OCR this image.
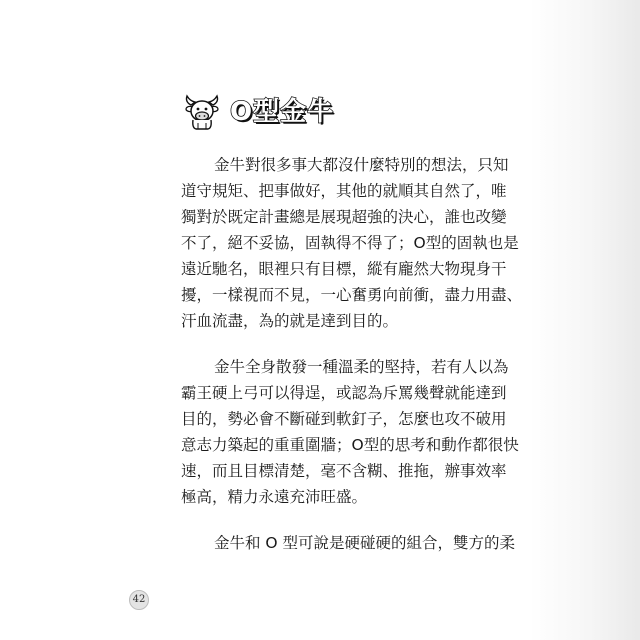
O型金牛

金牛對很多事大都沒什麼特別的想法，只知
道守規矩、把事做好，其他的就順其自然了，唯
獨對於既定計畫總是展現超強的決心，誰也改變
不了，絕不妥協，固執得不得了；O型的固執也是
遠近馳名，眼裡只有目標，縱有龐然大物現身干
擾，一樣視而不見，一心奮勇向前衝，盡力用盡、
汗血流盡，為的就是達到目的。

金牛全身散發一種溫柔的堅持，若有人以為
霸王硬上弓可以得逞，或認為斥罵幾聲就能達到
目的，勢必會不斷碰到軟釘子，怎麼也攻不破用
意志力築起的重重圍牆；O型的思考和動作都很快
速，而且目標清楚，毫不含糊、推拖，辦事效率
極高，精力永遠充沛旺盛。

金牛和 O 型可說是硬碰硬的組合，雙方的柔

42
